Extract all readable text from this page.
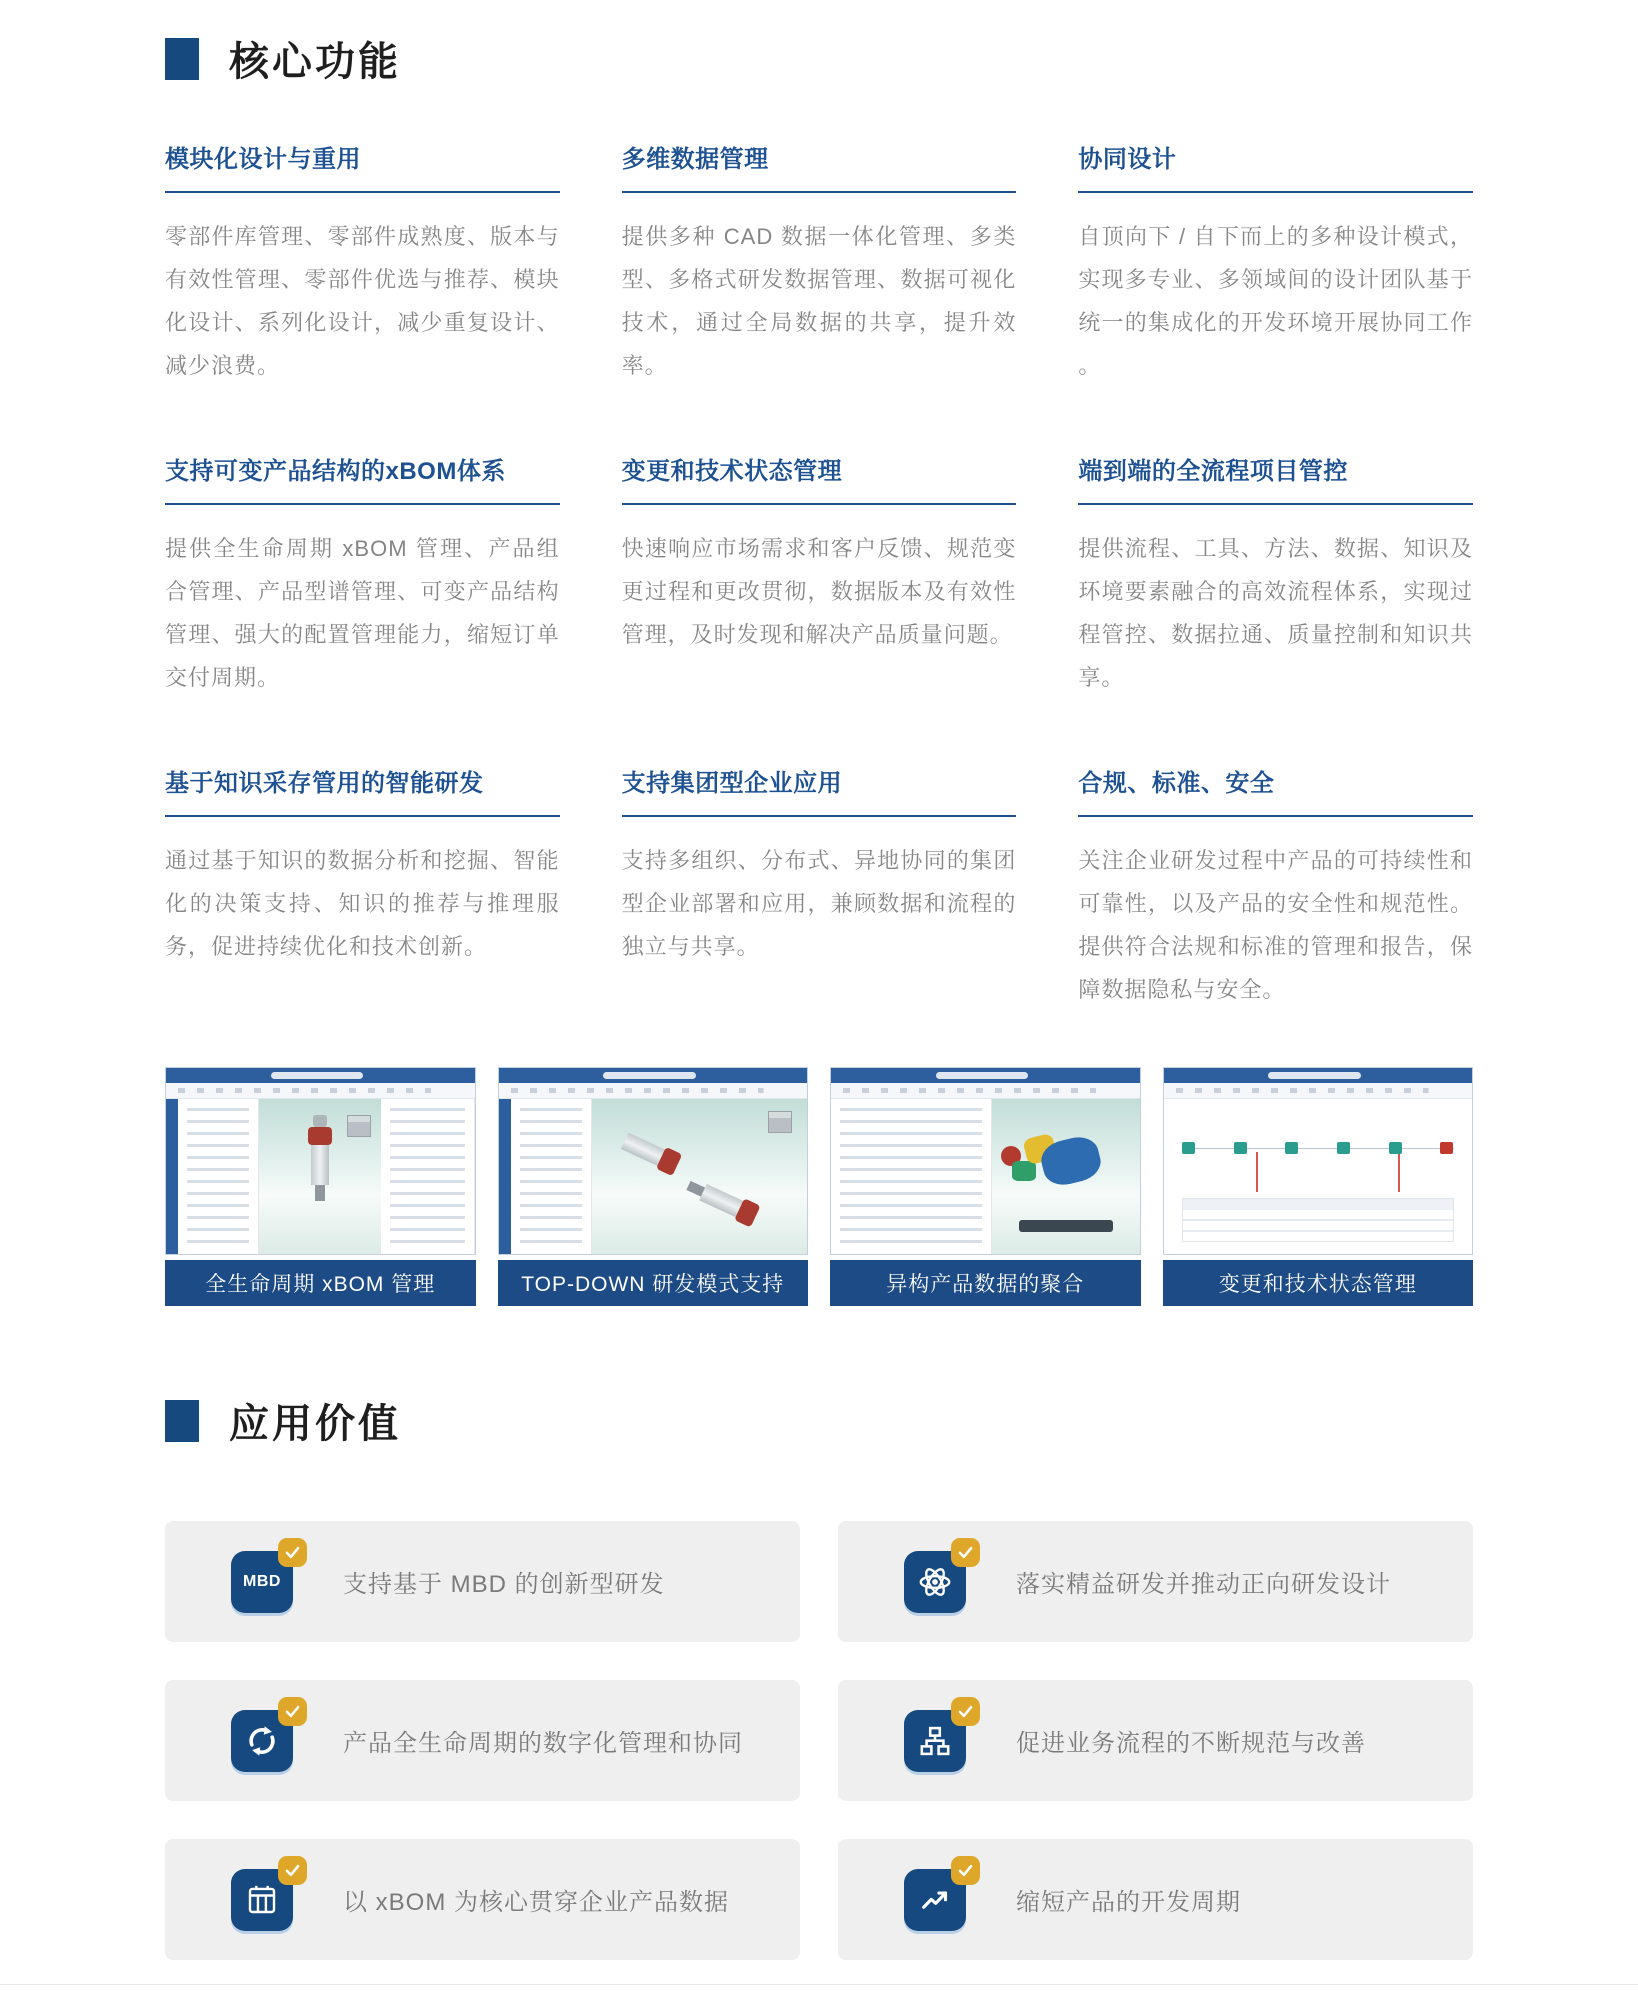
核心功能
模块化设计与重用

零部件库管理、零部件成熟度、版本与有效性管理、零部件优选与推荐、模块化设计、系列化设计，减少重复设计、减少浪费。

多维数据管理

提供多种 CAD 数据一体化管理、多类型、多格式研发数据管理、数据可视化技术，通过全局数据的共享，提升效率。

协同设计

自顶向下 / 自下而上的多种设计模式，实现多专业、多领域间的设计团队基于统一的集成化的开发环境开展协同工作 。

支持可变产品结构的xBOM体系

提供全生命周期 xBOM 管理、产品组合管理、产品型谱管理、可变产品结构管理、强大的配置管理能力，缩短订单交付周期。

变更和技术状态管理

快速响应市场需求和客户反馈、规范变更过程和更改贯彻，数据版本及有效性管理，及时发现和解决产品质量问题。

端到端的全流程项目管控

提供流程、工具、方法、数据、知识及环境要素融合的高效流程体系，实现过程管控、数据拉通、质量控制和知识共享。

基于知识采存管用的智能研发

通过基于知识的数据分析和挖掘、智能化的决策支持、知识的推荐与推理服务，促进持续优化和技术创新。

支持集团型企业应用

支持多组织、分布式、异地协同的集团型企业部署和应用，兼顾数据和流程的独立与共享。

合规、标准、安全

关注企业研发过程中产品的可持续性和可靠性，以及产品的安全性和规范性。提供符合法规和标准的管理和报告，保障数据隐私与安全。

全生命周期 xBOM 管理	TOP-DOWN 研发模式支持	异构产品数据的聚合	变更和技术状态管理
应用价值
MBD	支持基于 MBD 的创新型研发	落实精益研发并推动正向研发设计
产品全生命周期的数字化管理和协同	促进业务流程的不断规范与改善
以 xBOM 为核心贯穿企业产品数据	缩短产品的开发周期
